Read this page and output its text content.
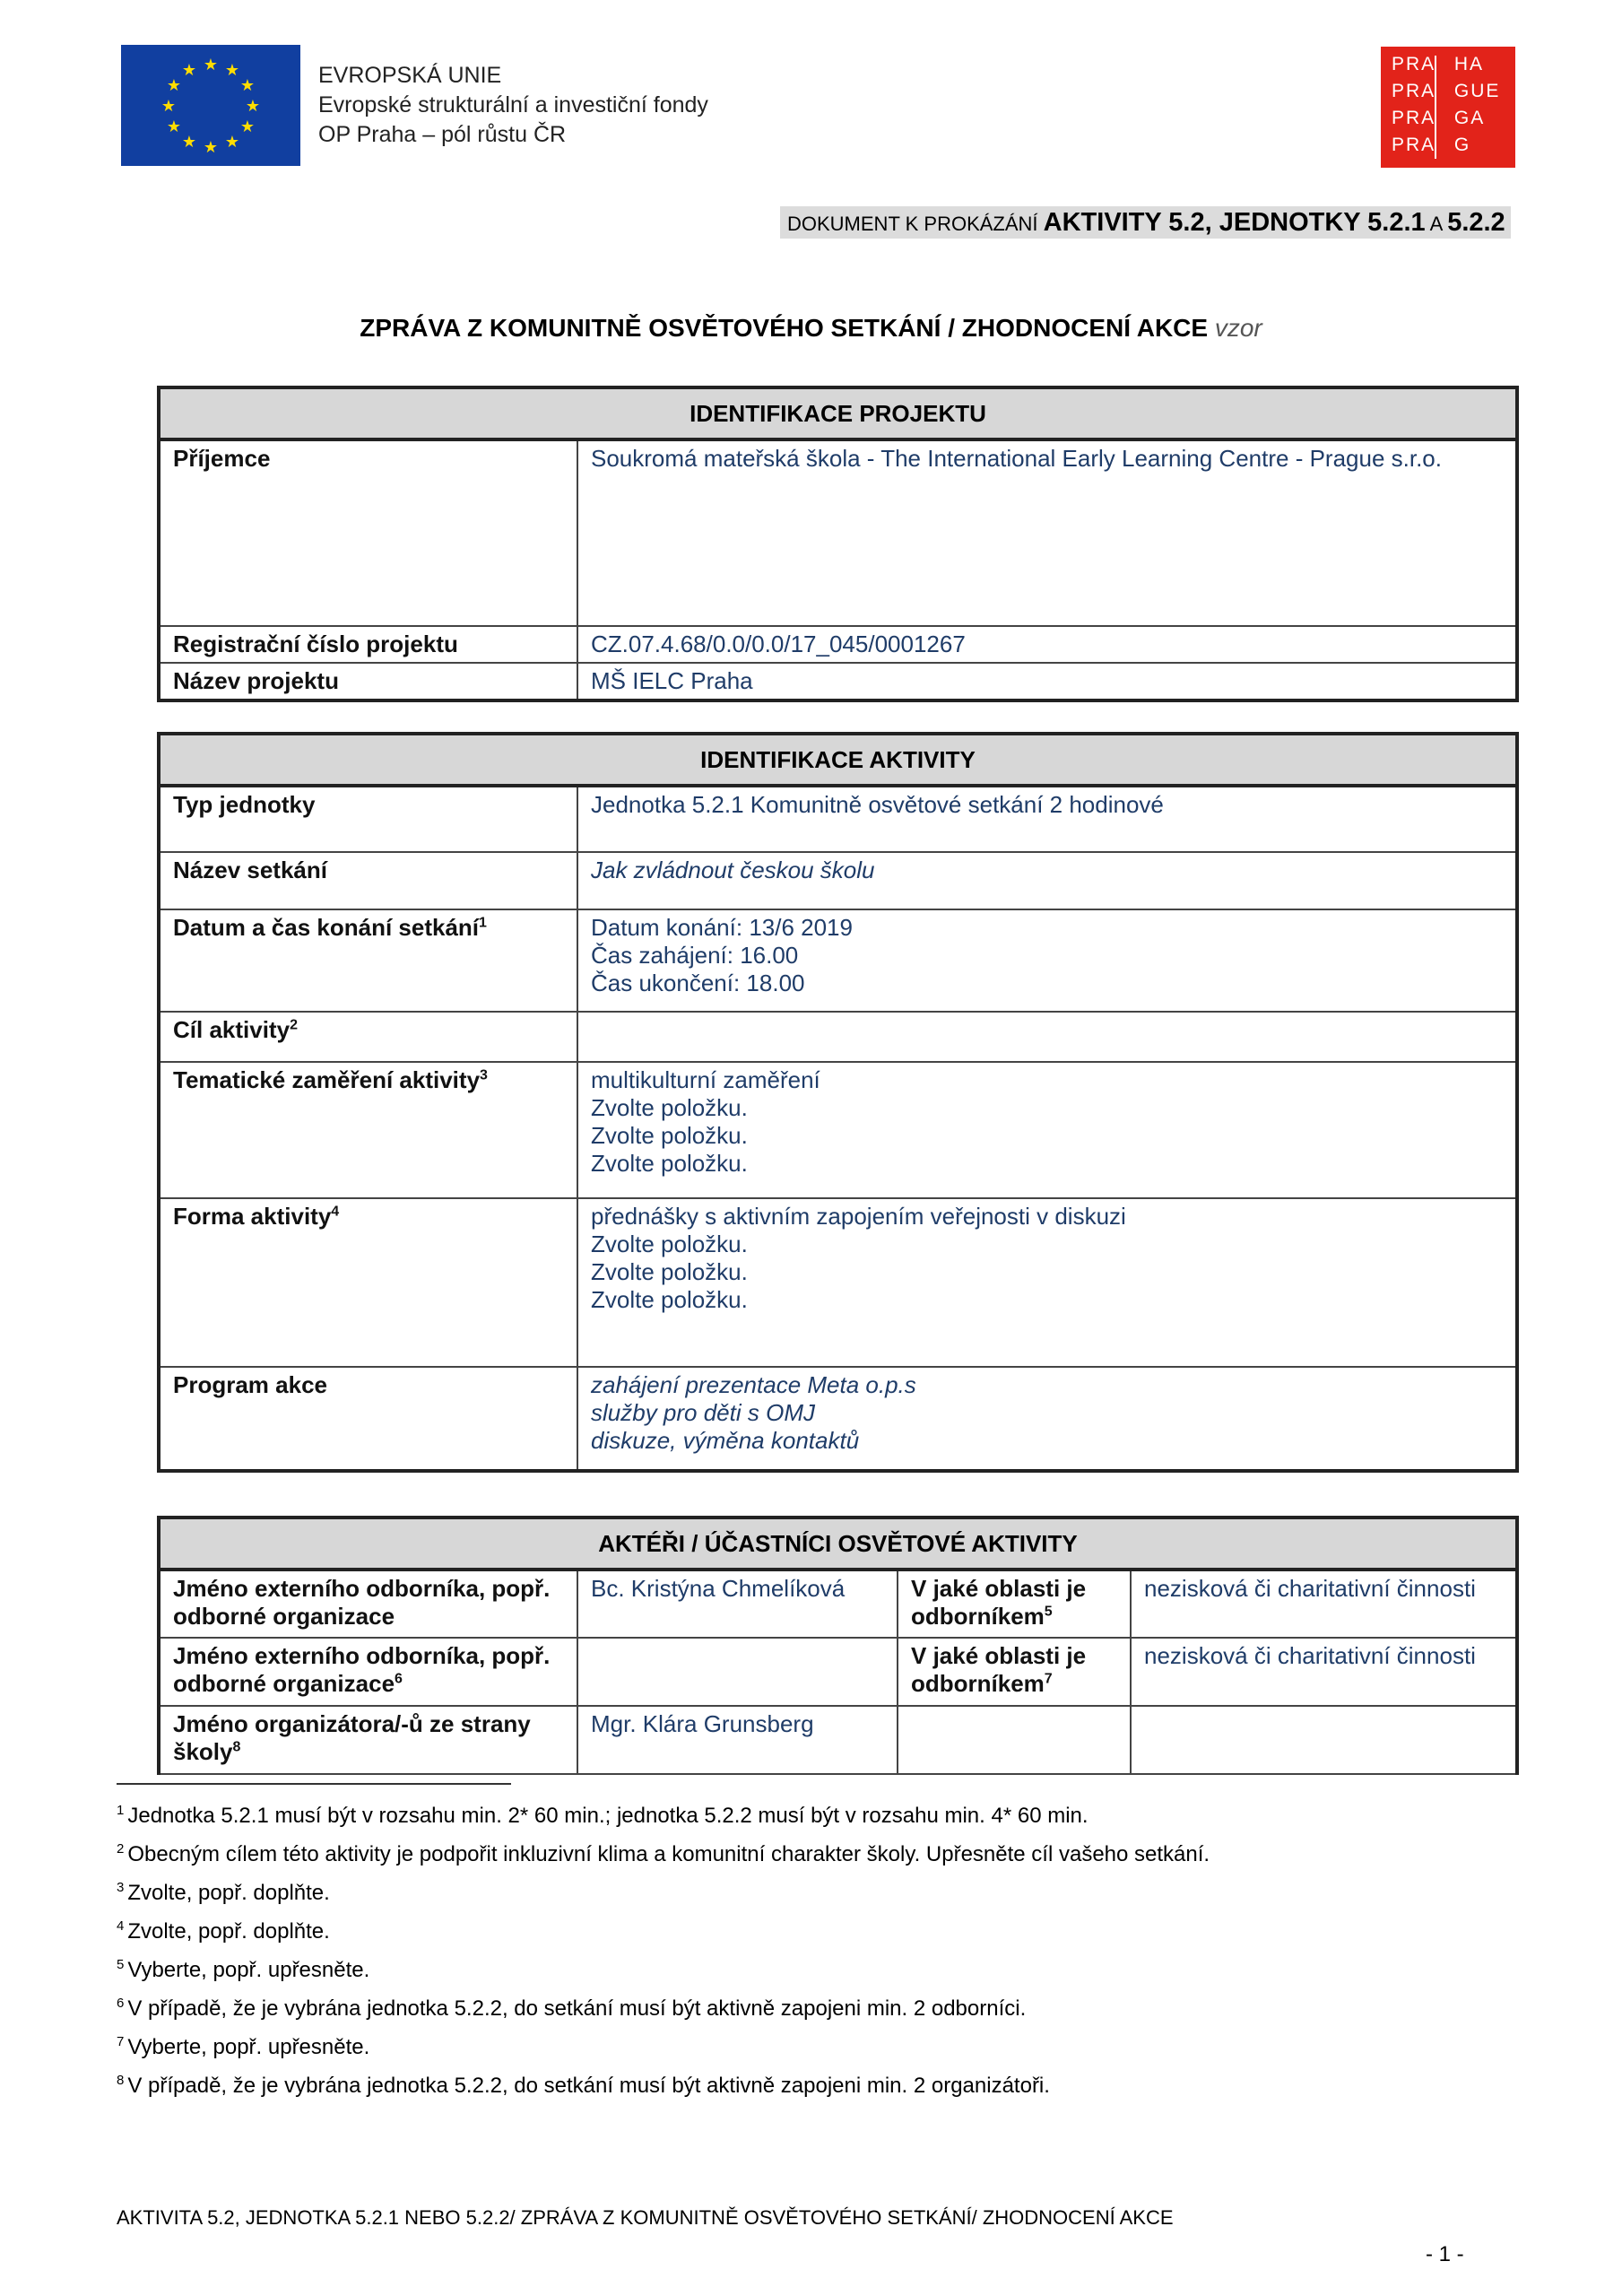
★ ★
★
★
★
★
★
★
★
★
★
★	EVROPSKÁ UNIE
Evropské strukturální a investiční fondy
OP Praha – pól růstu ČR
PRA HA
PRA GUE
PRA GA
PRA G
DOKUMENT K PROKÁZÁNÍ AKTIVITY 5.2, JEDNOTKY 5.2.1 A 5.2.2
ZPRÁVA Z KOMUNITNĚ OSVĚTOVÉHO SETKÁNÍ / ZHODNOCENÍ AKCE vzor
IDENTIFIKACE PROJEKTU	
Příjemce	Soukromá mateřská škola - The International Early Learning Centre - Prague s.r.o.
Registrační číslo projektu	CZ.07.4.68/0.0/0.0/17_045/0001267
Název projektu	MŠ IELC Praha
IDENTIFIKACE AKTIVITY	
Typ jednotky	Jednotka 5.2.1 Komunitně osvětové setkání 2 hodinové
Název setkání	Jak zvládnout českou školu
Datum a čas konání setkání$^1$	Datum konání: 13/6 2019
Čas zahájení: 16.00
Čas ukončení: 18.00

Cíl aktivity$^2$	
Tematické zaměření aktivity$^3$	multikulturní zaměření
Zvolte položku.
Zvolte položku.
Zvolte položku.

Forma aktivity$^4$	přednášky s aktivním zapojením veřejnosti v diskuzi
Zvolte položku.
Zvolte položku.
Zvolte položku.

Program akce	zahájení prezentace Meta o.p.s
služby pro děti s OMJ
diskuze, výměna kontaktů
AKTÉŘI / ÚČASTNÍCI OSVĚTOVÉ AKTIVITY			
Jméno externího odborníka, popř. odborné organizace	Bc. Kristýna Chmelíková	V jaké oblasti je odborníkem$^5$	nezisková či charitativní činnosti
Jméno externího odborníka, popř. odborné organizace$^6$		V jaké oblasti je odborníkem$^7$	nezisková či charitativní činnosti
Jméno organizátora/-ů ze strany školy$^8$	Mgr. Klára Grunsberg		
$^1$ Jednotka 5.2.1 musí být v rozsahu min. 2* 60 min.; jednotka 5.2.2 musí být v rozsahu min. 4* 60 min.
$^2$ Obecným cílem této aktivity je podpořit inkluzivní klima a komunitní charakter školy. Upřesněte cíl vašeho setkání.
$^3$ Zvolte, popř. doplňte.
$^4$ Zvolte, popř. doplňte.
$^5$ Vyberte, popř. upřesněte.
$^6$ V případě, že je vybrána jednotka 5.2.2, do setkání musí být aktivně zapojeni min. 2 odborníci.
$^7$ Vyberte, popř. upřesněte.
$^8$ V případě, že je vybrána jednotka 5.2.2, do setkání musí být aktivně zapojeni min. 2 organizátoři.
AKTIVITA 5.2, JEDNOTKA 5.2.1 NEBO 5.2.2/ ZPRÁVA Z KOMUNITNĚ OSVĚTOVÉHO SETKÁNÍ/ ZHODNOCENÍ AKCE
- 1 -
